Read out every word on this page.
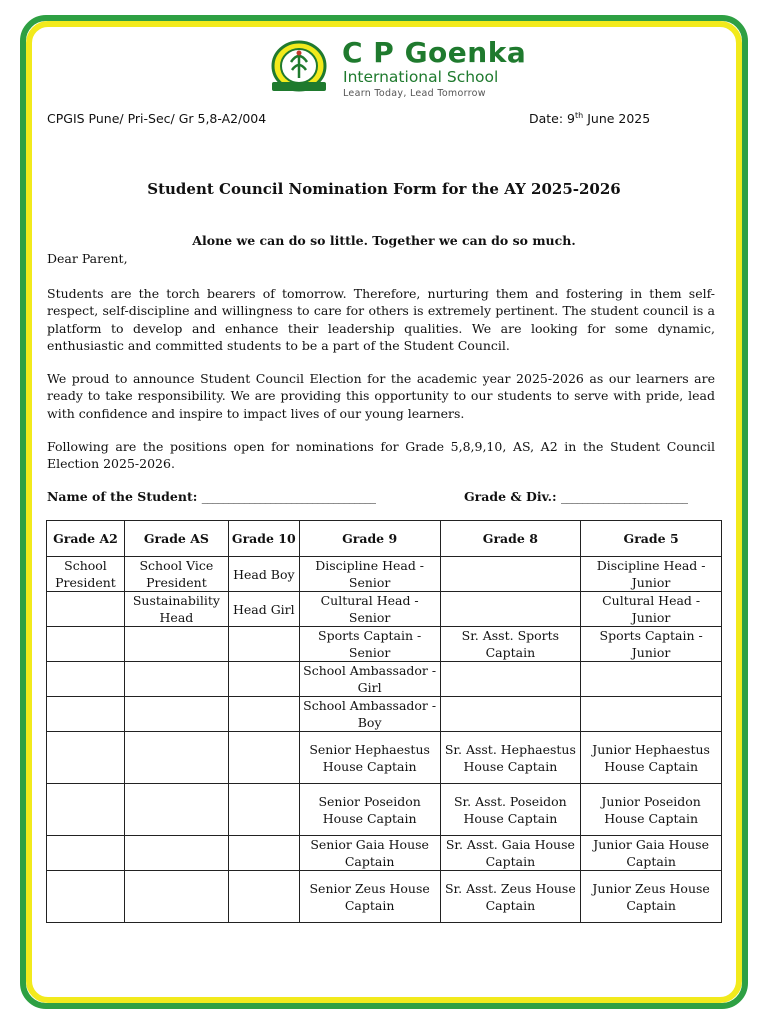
C P Goenka
International School
Learn Today, Lead Tomorrow
CPGIS Pune/ Pri-Sec/ Gr 5,8-A2/004	Date: 9th June 2025
Student Council Nomination Form for the AY 2025-2026
Alone we can do so little. Together we can do so much.
Dear Parent,
Students are the torch bearers of tomorrow. Therefore, nurturing them and fostering in them self-respect, self-discipline and willingness to care for others is extremely pertinent. The student council is a platform to develop and enhance their leadership qualities. We are looking for some dynamic, enthusiastic and committed students to be a part of the Student Council.
We proud to announce Student Council Election for the academic year 2025-2026 as our learners are ready to take responsibility. We are providing this opportunity to our students to serve with pride, lead with confidence and inspire to impact lives of our young learners.
Following are the positions open for nominations for Grade 5,8,9,10, AS, A2 in the Student Council Election 2025-2026.
Name of the Student: _________________________________	Grade & Div.: ________________________
Grade A2	Grade AS	Grade 10	Grade 9	Grade 8	Grade 5
School President	School Vice President	Head Boy	Discipline Head - Senior		Discipline Head - Junior
	Sustainability Head	Head Girl	Cultural Head - Senior		Cultural Head - Junior
			Sports Captain - Senior	Sr. Asst. Sports Captain	Sports Captain - Junior
			School Ambassador - Girl		
			School Ambassador - Boy		
			Senior Hephaestus House Captain	Sr. Asst. Hephaestus House Captain	Junior Hephaestus House Captain
			Senior Poseidon House Captain	Sr. Asst. Poseidon House Captain	Junior Poseidon House Captain
			Senior Gaia House Captain	Sr. Asst. Gaia House Captain	Junior Gaia House Captain
			Senior Zeus House Captain	Sr. Asst. Zeus House Captain	Junior Zeus House Captain
